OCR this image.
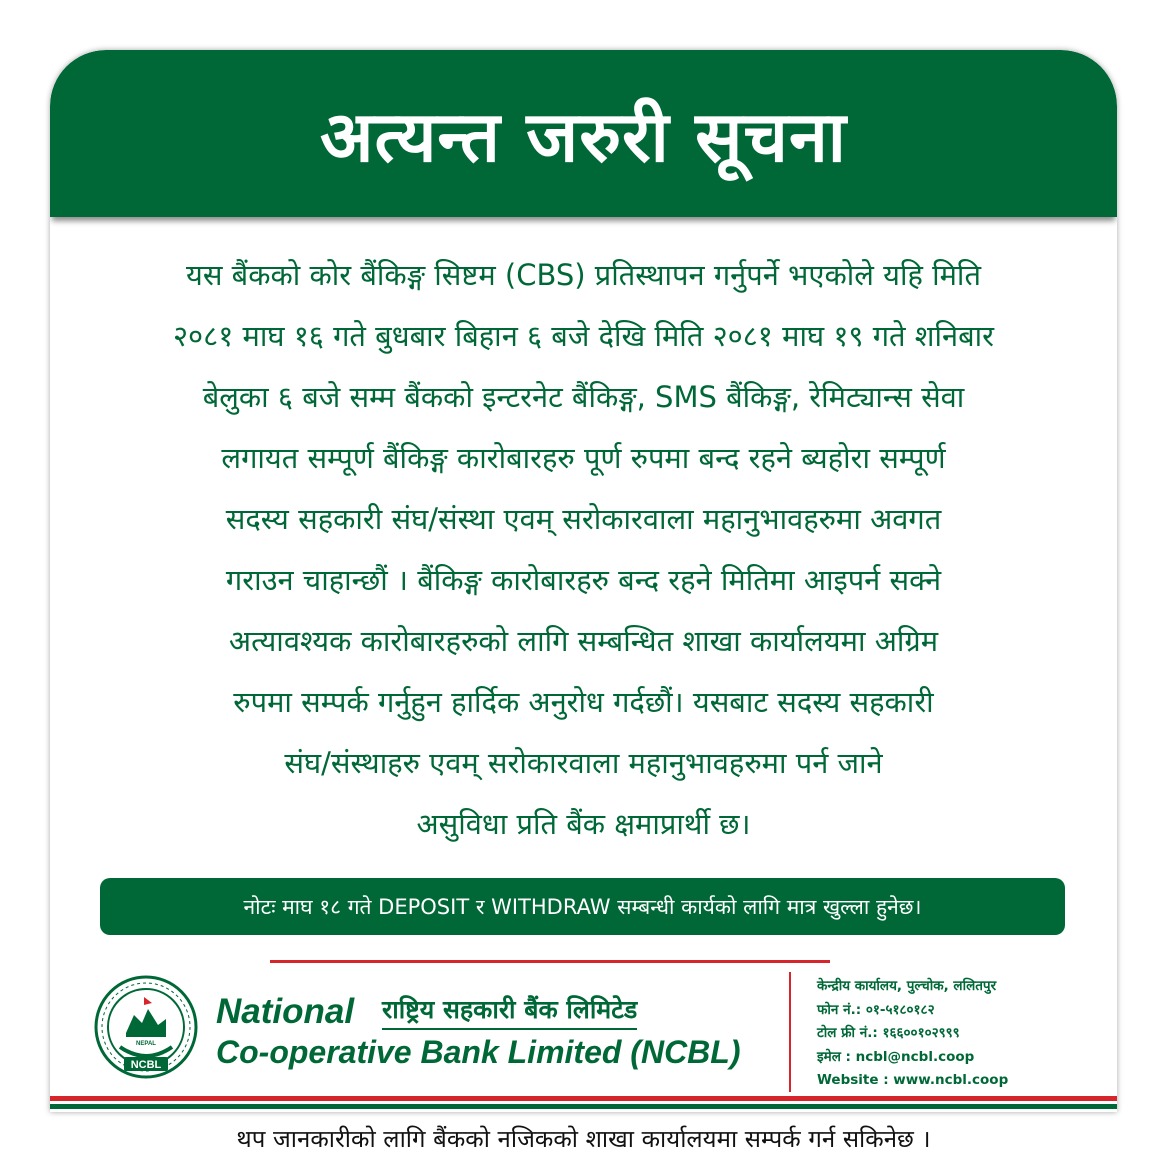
अत्यन्त जरुरी सूचना
यस बैंकको कोर बैंकिङ्ग सिष्टम (CBS) प्रतिस्थापन गर्नुपर्ने भएकोले यहि मिति
२०८१ माघ १६ गते बुधबार बिहान ६ बजे देखि मिति २०८१ माघ १९ गते शनिबार
बेलुका ६ बजे सम्म बैंकको इन्टरनेट बैंकिङ्ग, SMS बैंकिङ्ग, रेमिट्यान्स सेवा
लगायत सम्पूर्ण बैंकिङ्ग कारोबारहरु पूर्ण रुपमा बन्द रहने ब्यहोरा सम्पूर्ण
सदस्य सहकारी संघ/संस्था एवम् सरोकारवाला महानुभावहरुमा अवगत
गराउन चाहान्छौं । बैंकिङ्ग कारोबारहरु बन्द रहने मितिमा आइपर्न सक्ने
अत्यावश्यक कारोबारहरुको लागि सम्बन्धित शाखा कार्यालयमा अग्रिम
रुपमा सम्पर्क गर्नुहुन हार्दिक अनुरोध गर्दछौं। यसबाट सदस्य सहकारी
संघ/संस्थाहरु एवम् सरोकारवाला महानुभावहरुमा पर्न जाने
असुविधा प्रति बैंक क्षमाप्रार्थी छ।
नोटः माघ १८ गते DEPOSIT र WITHDRAW सम्बन्धी कार्यको लागि मात्र खुल्ला हुनेछ।
NCBL
NEPAL
National
Co-operative Bank Limited (NCBL)
राष्ट्रिय सहकारी बैंक लिमिटेड
केन्द्रीय कार्यालय, पुल्चोक, ललितपुर
फोन नं.: ०१-५१८०१८२
टोल फ्री नं.: १६६००१०२९९९
इमेल : ncbl@ncbl.coop
Website : www.ncbl.coop
थप जानकारीको लागि बैंकको नजिकको शाखा कार्यालयमा सम्पर्क गर्न सकिनेछ ।
